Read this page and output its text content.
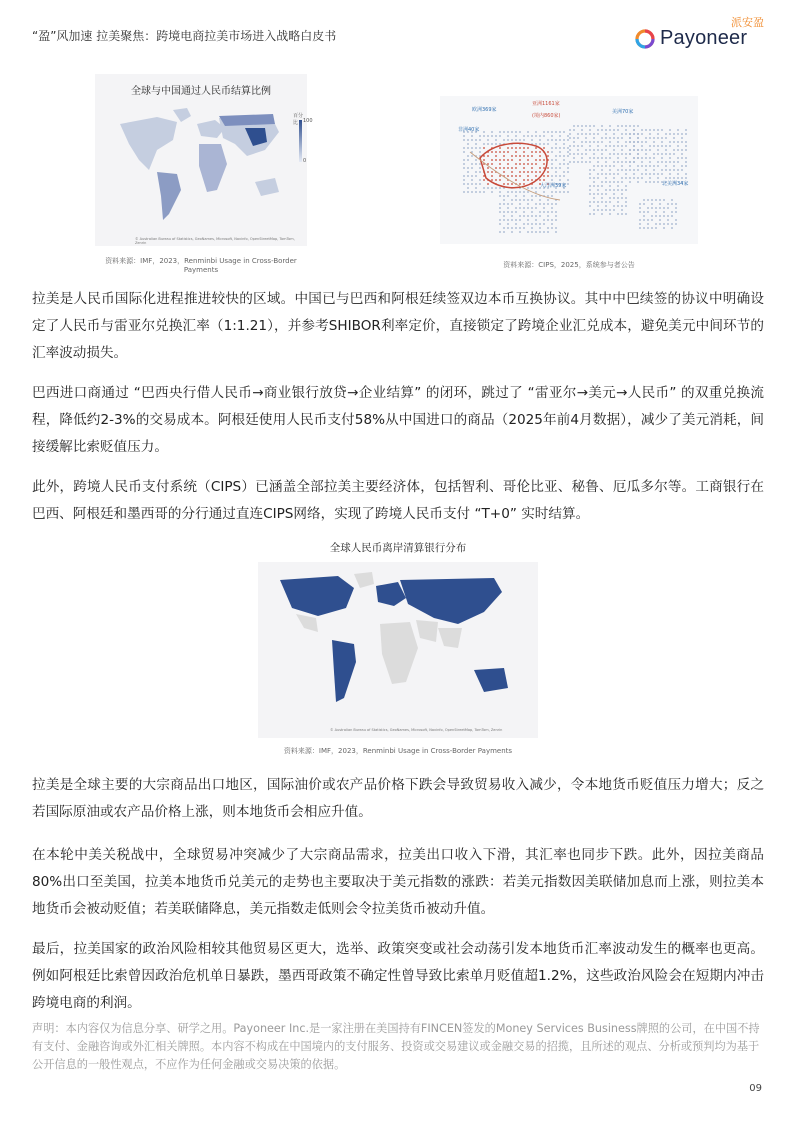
“盈”风加速 拉美聚焦：跨境电商拉美市场进入战略白皮书
派安盈
Payoneer
全球与中国通过人民币结算比例
百分比 100
0
© Australian Bureau of Statistics, GeoNames, Microsoft, Navinfo, OpenStreetMap, TomTom, Zenrin
资料来源：IMF，2023，Renminbi Usage in Cross-Border Payments
欧洲369家
亚洲1161家
(境内860家)
美洲70家
非洲40家
大洋洲39家	北美洲34家
资料来源：CIPS，2025，系统参与者公告

拉美是人民币国际化进程推进较快的区域。中国已与巴西和阿根廷续签双边本币互换协议。其中中巴续签的协议中明确设定了人民币与雷亚尔兑换汇率（1:1.21），并参考SHIBOR利率定价，直接锁定了跨境企业汇兑成本，避免美元中间环节的汇率波动损失。

巴西进口商通过 “巴西央行借人民币→商业银行放贷→企业结算” 的闭环，跳过了 “雷亚尔→美元→人民币” 的双重兑换流程，降低约2-3%的交易成本。阿根廷使用人民币支付58%从中国进口的商品（2025年前4月数据），减少了美元消耗，间接缓解比索贬值压力。

此外，跨境人民币支付系统（CIPS）已涵盖全部拉美主要经济体，包括智利、哥伦比亚、秘鲁、厄瓜多尔等。工商银行在巴西、阿根廷和墨西哥的分行通过直连CIPS网络，实现了跨境人民币支付 “T+0” 实时结算。

全球人民币离岸清算银行分布
© Australian Bureau of Statistics, GeoNames, Microsoft, Navinfo, OpenStreetMap, TomTom, Zenrin
资料来源：IMF，2023，Renminbi Usage in Cross-Border Payments

拉美是全球主要的大宗商品出口地区，国际油价或农产品价格下跌会导致贸易收入减少，令本地货币贬值压力增大；反之若国际原油或农产品价格上涨，则本地货币会相应升值。

在本轮中美关税战中，全球贸易冲突减少了大宗商品需求，拉美出口收入下滑，其汇率也同步下跌。此外，因拉美商品80%出口至美国，拉美本地货币兑美元的走势也主要取决于美元指数的涨跌：若美元指数因美联储加息而上涨，则拉美本地货币会被动贬值；若美联储降息，美元指数走低则会令拉美货币被动升值。

最后，拉美国家的政治风险相较其他贸易区更大，选举、政策突变或社会动荡引发本地货币汇率波动发生的概率也更高。例如阿根廷比索曾因政治危机单日暴跌，墨西哥政策不确定性曾导致比索单月贬值超1.2%，这些政治风险会在短期内冲击跨境电商的利润。

声明：本内容仅为信息分享、研学之用。Payoneer Inc.是一家注册在美国持有FINCEN签发的Money Services Business牌照的公司，在中国不持有支付、金融咨询或外汇相关牌照。本内容不构成在中国境内的支付服务、投资或交易建议或金融交易的招揽，且所述的观点、分析或预判均为基于公开信息的一般性观点，不应作为任何金融或交易决策的依据。

09
